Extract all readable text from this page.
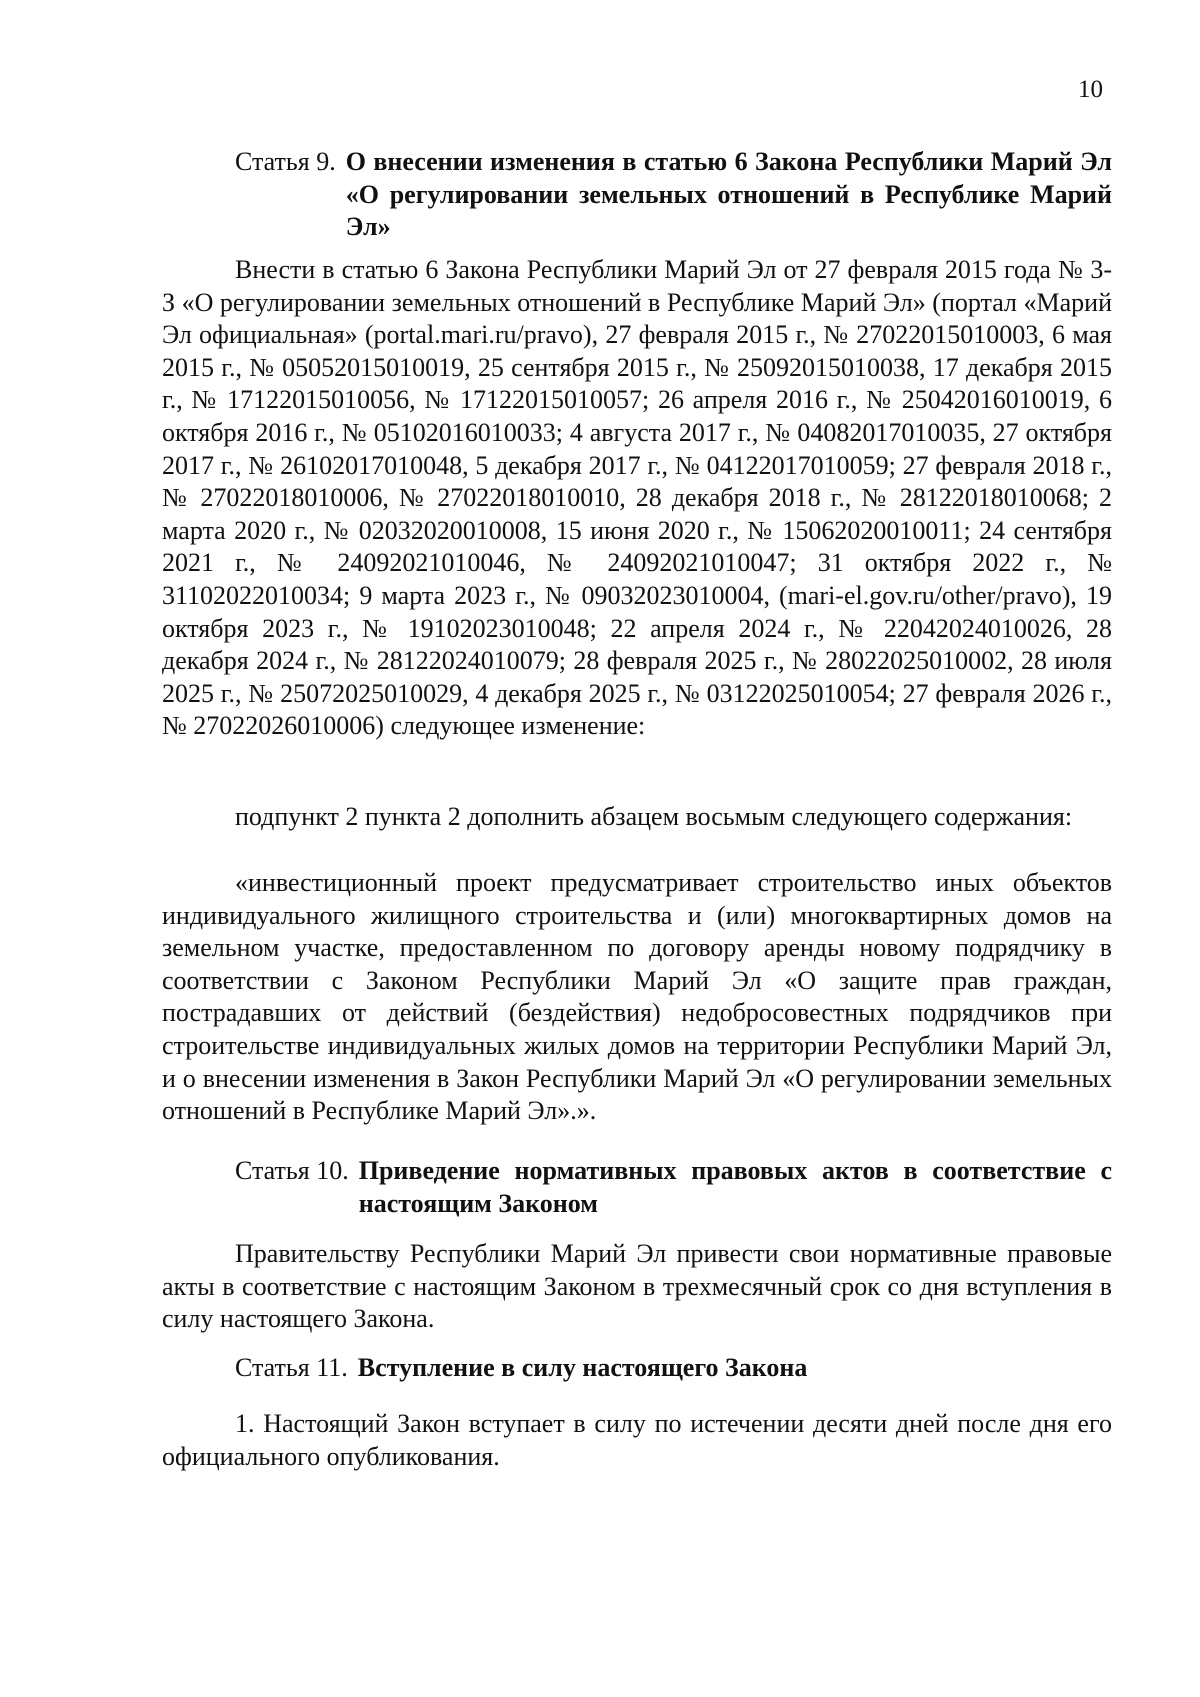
10
Статья 9. О внесении изменения в статью 6 Закона Республики Марий Эл «О регулировании земельных отношений в Республике Марий Эл»

Внести в статью 6 Закона Республики Марий Эл от 27 февраля 2015 года № 3-З «О регулировании земельных отношений в Республике Марий Эл» (портал «Марий Эл официальная» (portal.mari.ru/pravo), 27 февраля 2015 г., № 27022015010003, 6 мая 2015 г., № 05052015010019, 25 сентября 2015 г., № 25092015010038, 17 декабря 2015 г., № 17122015010056, № 17122015010057; 26 апреля 2016 г., № 25042016010019, 6 октября 2016 г., № 05102016010033; 4 августа 2017 г., № 04082017010035, 27 октября 2017 г., № 26102017010048, 5 декабря 2017 г., № 04122017010059; 27 февраля 2018 г., № 27022018010006, № 27022018010010, 28 декабря 2018 г., № 28122018010068; 2 марта 2020 г., № 02032020010008, 15 июня 2020 г., № 15062020010011; 24 сентября 2021 г., № 24092021010046, № 24092021010047; 31 октября 2022 г., № 31102022010034; 9 марта 2023 г., № 09032023010004, (mari-el.gov.ru/other/pravo), 19 октября 2023 г., № 19102023010048; 22 апреля 2024 г., № 22042024010026, 28 декабря 2024 г., № 28122024010079; 28 февраля 2025 г., № 28022025010002, 28 июля 2025 г., № 25072025010029, 4 декабря 2025 г., № 03122025010054; 27 февраля 2026 г., № 27022026010006) следующее изменение:

подпункт 2 пункта 2 дополнить абзацем восьмым следующего содержания:

«инвестиционный проект предусматривает строительство иных объектов индивидуального жилищного строительства и (или) многоквартирных домов на земельном участке, предоставленном по договору аренды новому подрядчику в соответствии с Законом Республики Марий Эл «О защите прав граждан, пострадавших от действий (бездействия) недобросовестных подрядчиков при строительстве индивидуальных жилых домов на территории Республики Марий Эл, и о внесении изменения в Закон Республики Марий Эл «О регулировании земельных отношений в Республике Марий Эл».».

Статья 10. Приведение нормативных правовых актов в соответствие с настоящим Законом

Правительству Республики Марий Эл привести свои нормативные правовые акты в соответствие с настоящим Законом в трехмесячный срок со дня вступления в силу настоящего Закона.

Статья 11. Вступление в силу настоящего Закона

1. Настоящий Закон вступает в силу по истечении десяти дней после дня его официального опубликования.
